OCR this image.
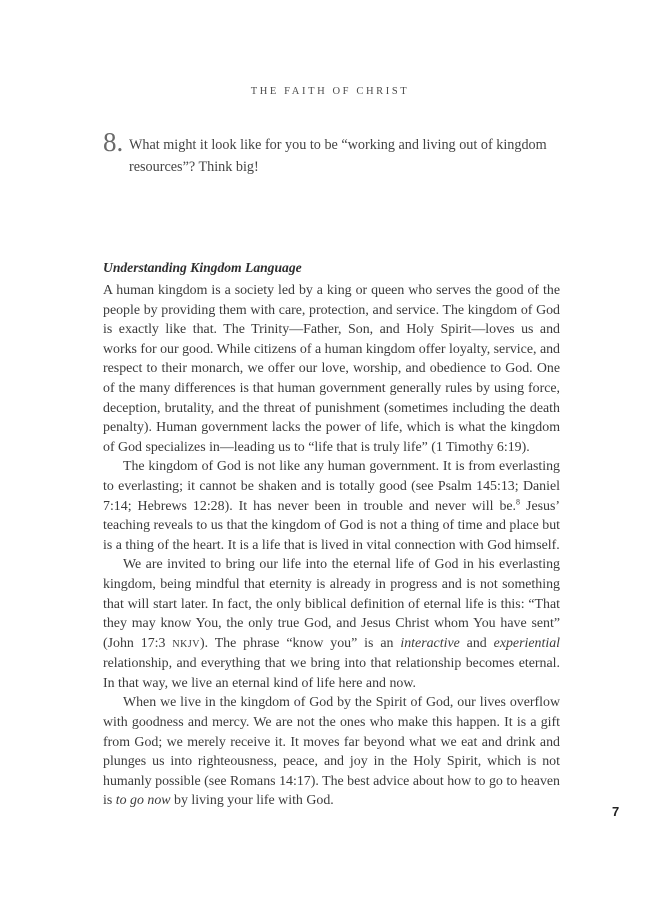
THE FAITH OF CHRIST
8. What might it look like for you to be “working and living out of kingdom resources”? Think big!
Understanding Kingdom Language

A human kingdom is a society led by a king or queen who serves the good of the people by providing them with care, protection, and service. The kingdom of God is exactly like that. The Trinity—Father, Son, and Holy Spirit—loves us and works for our good. While citizens of a human kingdom offer loyalty, service, and respect to their monarch, we offer our love, worship, and obedience to God. One of the many differences is that human government generally rules by using force, deception, brutality, and the threat of punishment (sometimes including the death penalty). Human government lacks the power of life, which is what the kingdom of God specializes in—leading us to “life that is truly life” (1 Timothy 6:19).

The kingdom of God is not like any human government. It is from everlasting to everlasting; it cannot be shaken and is totally good (see Psalm 145:13; Daniel 7:14; Hebrews 12:28). It has never been in trouble and never will be.$^8$ Jesus’ teaching reveals to us that the kingdom of God is not a thing of time and place but is a thing of the heart. It is a life that is lived in vital connection with God himself.

We are invited to bring our life into the eternal life of God in his everlasting kingdom, being mindful that eternity is already in progress and is not something that will start later. In fact, the only biblical definition of eternal life is this: “That they may know You, the only true God, and Jesus Christ whom You have sent” (John 17:3 NKJV). The phrase “know you” is an interactive and experiential relationship, and everything that we bring into that relationship becomes eternal. In that way, we live an eternal kind of life here and now.

When we live in the kingdom of God by the Spirit of God, our lives overflow with goodness and mercy. We are not the ones who make this happen. It is a gift from God; we merely receive it. It moves far beyond what we eat and drink and plunges us into righteousness, peace, and joy in the Holy Spirit, which is not humanly possible (see Romans 14:17). The best advice about how to go to heaven is to go now by living your life with God.

7
